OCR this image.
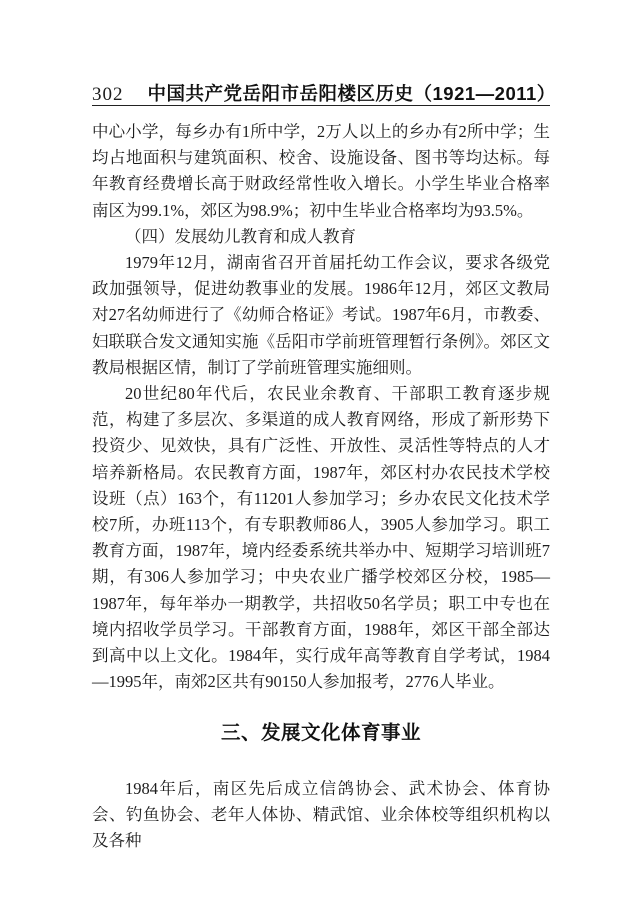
302 中国共产党岳阳市岳阳楼区历史（1921—2011）

中心小学，每乡办有1所中学，2万人以上的乡办有2所中学；生均占地面积与建筑面积、校舍、设施设备、图书等均达标。每年教育经费增长高于财政经常性收入增长。小学生毕业合格率南区为99.1%，郊区为98.9%；初中生毕业合格率均为93.5%。

（四）发展幼儿教育和成人教育

1979年12月，湖南省召开首届托幼工作会议，要求各级党政加强领导，促进幼教事业的发展。1986年12月，郊区文教局对27名幼师进行了《幼师合格证》考试。1987年6月，市教委、妇联联合发文通知实施《岳阳市学前班管理暂行条例》。郊区文教局根据区情，制订了学前班管理实施细则。

20世纪80年代后，农民业余教育、干部职工教育逐步规范，构建了多层次、多渠道的成人教育网络，形成了新形势下投资少、见效快，具有广泛性、开放性、灵活性等特点的人才培养新格局。农民教育方面，1987年，郊区村办农民技术学校设班（点）163个，有11201人参加学习；乡办农民文化技术学校7所，办班113个，有专职教师86人，3905人参加学习。职工教育方面，1987年，境内经委系统共举办中、短期学习培训班7期，有306人参加学习；中央农业广播学校郊区分校，1985—1987年，每年举办一期教学，共招收50名学员；职工中专也在境内招收学员学习。干部教育方面，1988年，郊区干部全部达到高中以上文化。1984年，实行成年高等教育自学考试，1984—1995年，南郊2区共有90150人参加报考，2776人毕业。

三、发展文化体育事业

1984年后，南区先后成立信鸽协会、武术协会、体育协会、钓鱼协会、老年人体协、精武馆、业余体校等组织机构以及各种
